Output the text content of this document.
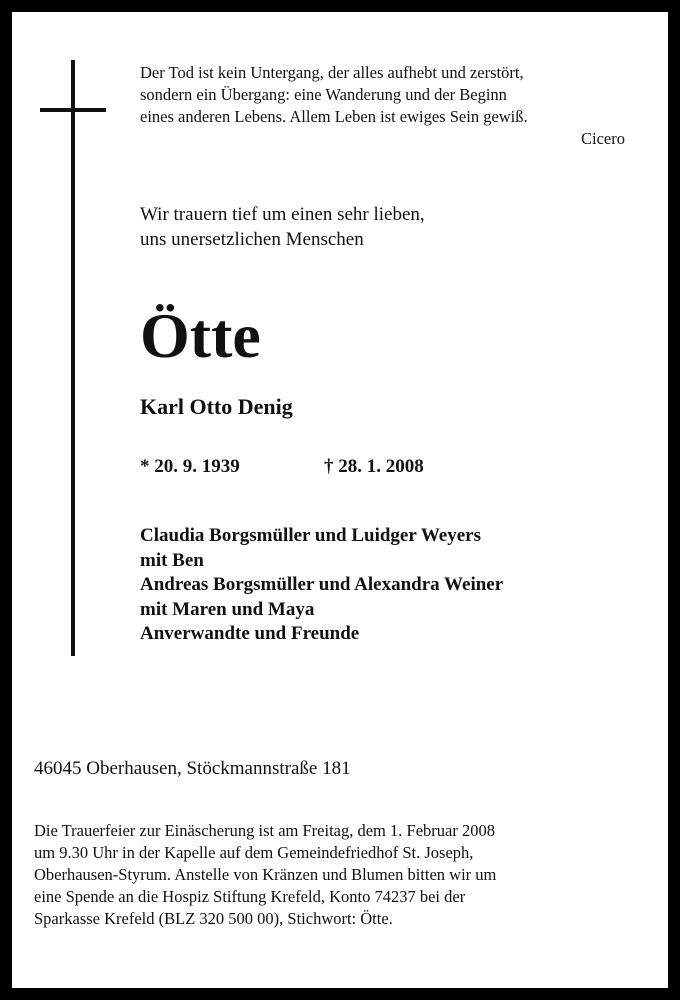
Der Tod ist kein Untergang, der alles aufhebt und zerstört,
sondern ein Übergang: eine Wanderung und der Beginn
eines anderen Lebens. Allem Leben ist ewiges Sein gewiß.
Cicero
Wir trauern tief um einen sehr lieben,
uns unersetzlichen Menschen
Ötte
Karl Otto Denig
* 20. 9. 1939	† 28. 1. 2008
Claudia Borgsmüller und Luidger Weyers
mit Ben
Andreas Borgsmüller und Alexandra Weiner
mit Maren und Maya
Anverwandte und Freunde
46045 Oberhausen, Stöckmannstraße 181
Die Trauerfeier zur Einäscherung ist am Freitag, dem 1. Februar 2008
um 9.30 Uhr in der Kapelle auf dem Gemeindefriedhof St. Joseph,
Oberhausen-Styrum. Anstelle von Kränzen und Blumen bitten wir um
eine Spende an die Hospiz Stiftung Krefeld, Konto 74237 bei der
Sparkasse Krefeld (BLZ 320 500 00), Stichwort: Ötte.
